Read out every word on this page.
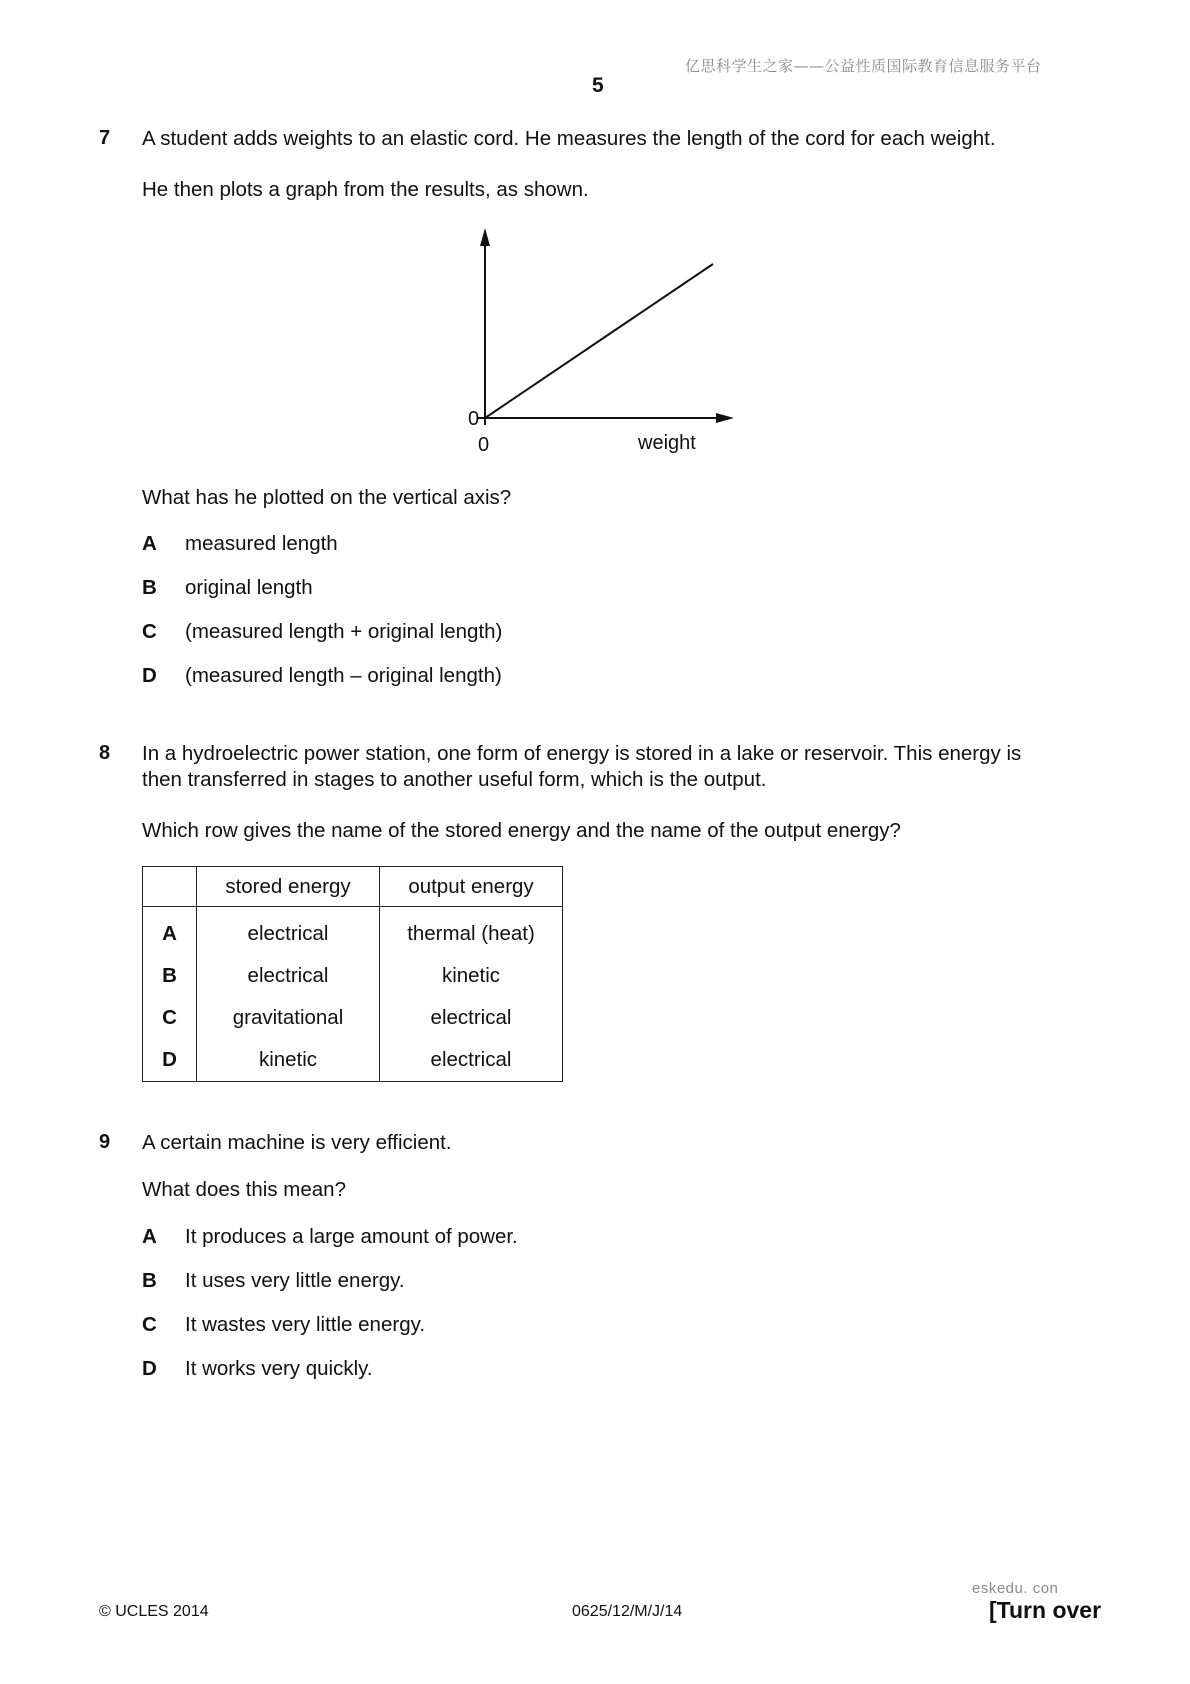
亿思科学生之家——公益性质国际教育信息服务平台
5
7 A student adds weights to an elastic cord. He measures the length of the cord for each weight.
He then plots a graph from the results, as shown.
0
0	weight
What has he plotted on the vertical axis?
A measured length
B original length
C (measured length + original length)
D (measured length – original length)
8 In a hydroelectric power station, one form of energy is stored in a lake or reservoir. This energy is
then transferred in stages to another useful form, which is the output.
Which row gives the name of the stored energy and the name of the output energy?
	stored energy	output energy
A	electrical	thermal (heat)
B	electrical	kinetic
C	gravitational	electrical
D	kinetic	electrical
9 A certain machine is very efficient.
What does this mean?
A It produces a large amount of power.
B It uses very little energy.
C It wastes very little energy.
D It works very quickly.
eskedu. con
© UCLES 2014	0625/12/M/J/14	[Turn over
